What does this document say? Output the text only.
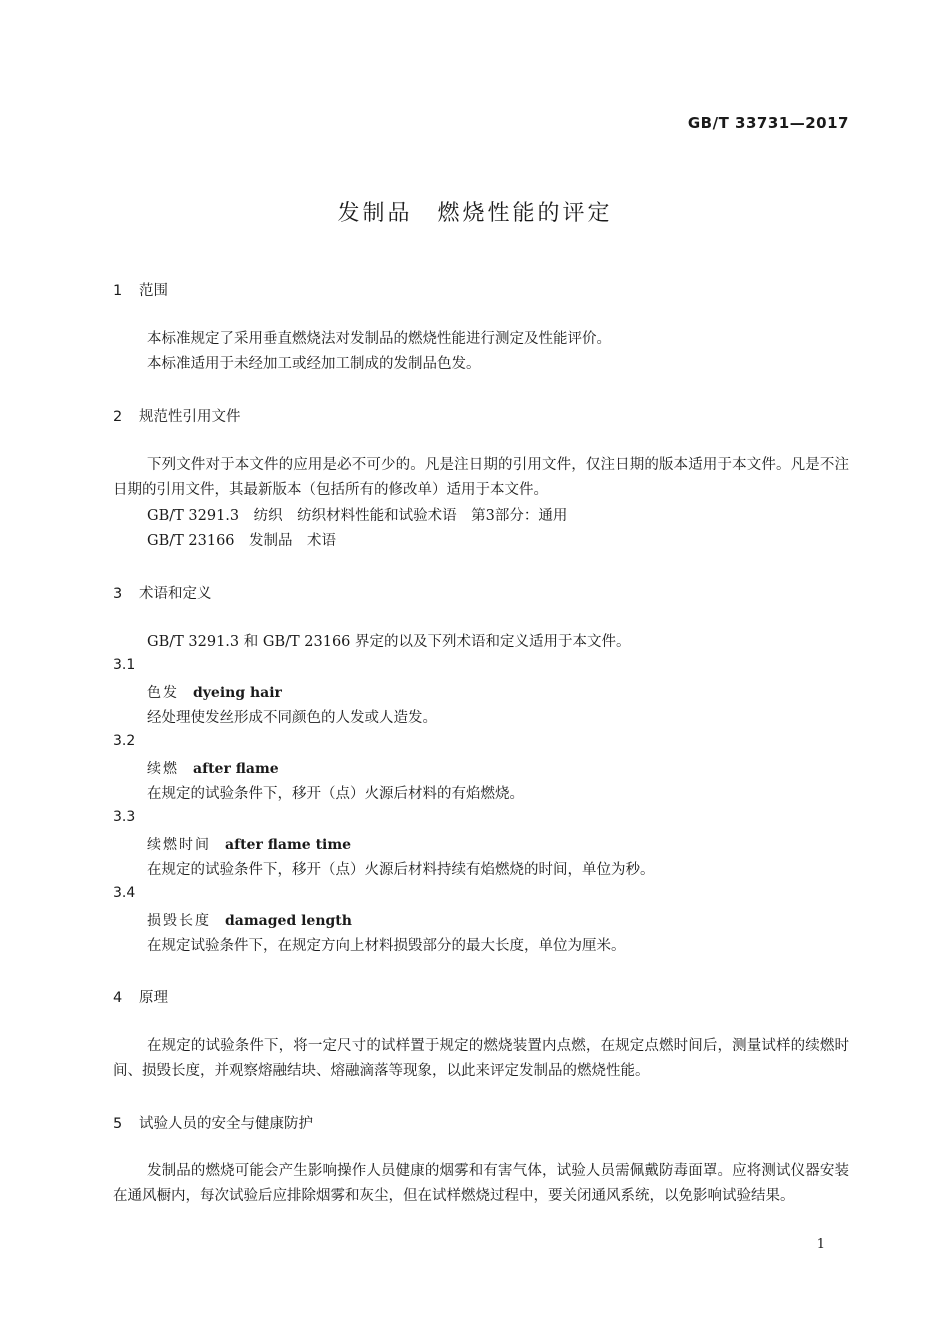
GB/T 33731—2017
发制品　燃烧性能的评定
1 范围
本标准规定了采用垂直燃烧法对发制品的燃烧性能进行测定及性能评价。
本标准适用于未经加工或经加工制成的发制品色发。
2 规范性引用文件
下列文件对于本文件的应用是必不可少的。凡是注日期的引用文件，仅注日期的版本适用于本文件。凡是不注日期的引用文件，其最新版本（包括所有的修改单）适用于本文件。
GB/T 3291.3　纺织　纺织材料性能和试验术语　第3部分：通用
GB/T 23166　发制品　术语
3 术语和定义
GB/T 3291.3 和 GB/T 23166 界定的以及下列术语和定义适用于本文件。
3.1
色发 dyeing hair
经处理使发丝形成不同颜色的人发或人造发。
3.2
续燃 after flame
在规定的试验条件下，移开（点）火源后材料的有焰燃烧。
3.3
续燃时间 after flame time
在规定的试验条件下，移开（点）火源后材料持续有焰燃烧的时间，单位为秒。
3.4
损毁长度 damaged length
在规定试验条件下，在规定方向上材料损毁部分的最大长度，单位为厘米。
4 原理
在规定的试验条件下，将一定尺寸的试样置于规定的燃烧装置内点燃，在规定点燃时间后，测量试样的续燃时间、损毁长度，并观察熔融结块、熔融滴落等现象，以此来评定发制品的燃烧性能。
5 试验人员的安全与健康防护
发制品的燃烧可能会产生影响操作人员健康的烟雾和有害气体，试验人员需佩戴防毒面罩。应将测试仪器安装在通风橱内，每次试验后应排除烟雾和灰尘，但在试样燃烧过程中，要关闭通风系统，以免影响试验结果。
1
